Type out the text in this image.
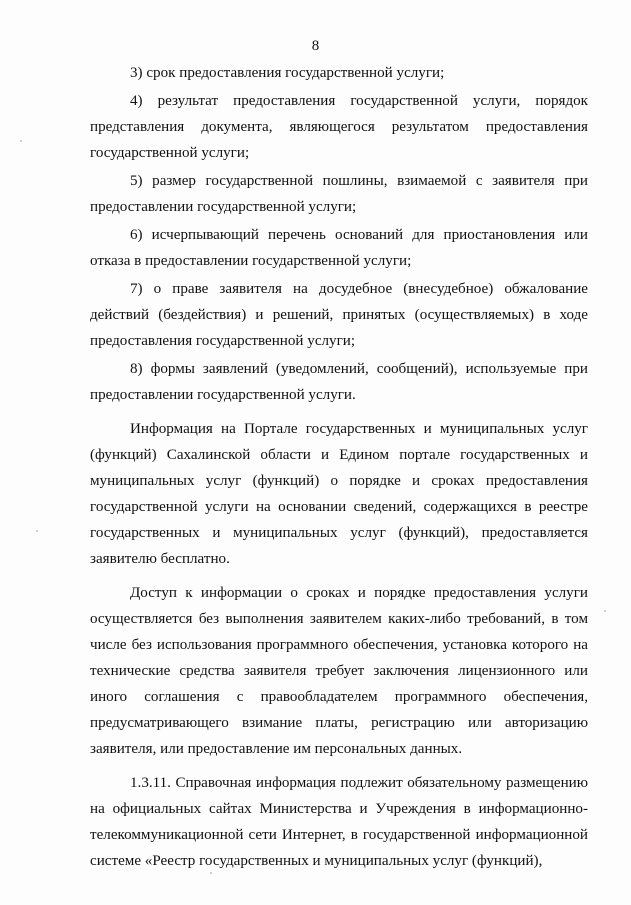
8

3) срок предоставления государственной услуги;

4) результат предоставления государственной услуги, порядок представления документа, являющегося результатом предоставления государственной услуги;

5) размер государственной пошлины, взимаемой с заявителя при предоставлении государственной услуги;

6) исчерпывающий перечень оснований для приостановления или отказа в предоставлении государственной услуги;

7) о праве заявителя на досудебное (внесудебное) обжалование действий (бездействия) и решений, принятых (осуществляемых) в ходе предоставления государственной услуги;

8) формы заявлений (уведомлений, сообщений), используемые при предоставлении государственной услуги.

Информация на Портале государственных и муниципальных услуг (функций) Сахалинской области и Едином портале государственных и муниципальных услуг (функций) о порядке и сроках предоставления государственной услуги на основании сведений, содержащихся в реестре государственных и муниципальных услуг (функций), предоставляется заявителю бесплатно.

Доступ к информации о сроках и порядке предоставления услуги осуществляется без выполнения заявителем каких-либо требований, в том числе без использования программного обеспечения, установка которого на технические средства заявителя требует заключения лицензионного или иного соглашения с правообладателем программного обеспечения, предусматривающего взимание платы, регистрацию или авторизацию заявителя, или предоставление им персональных данных.

1.3.11. Справочная информация подлежит обязательному размещению на официальных сайтах Министерства и Учреждения в информационно-телекоммуникационной сети Интернет, в государственной информационной системе «Реестр государственных и муниципальных услуг (функций),
